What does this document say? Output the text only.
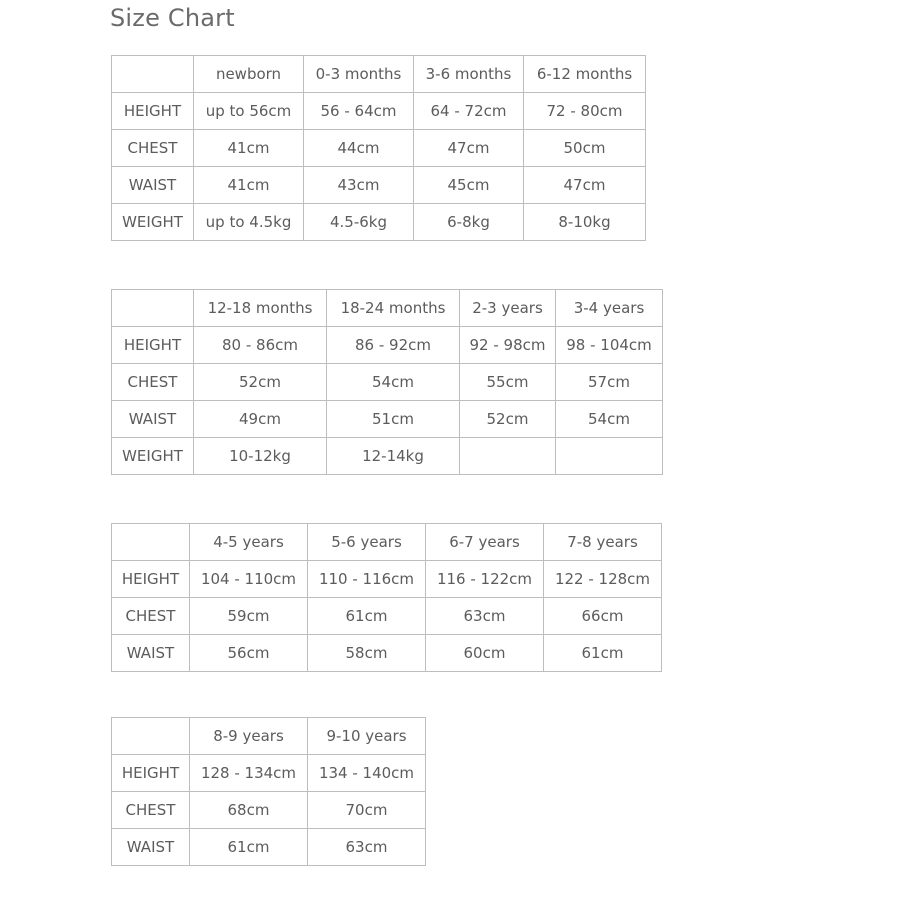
Size Chart
	newborn	0-3 months	3-6 months	6-12 months
HEIGHT	up to 56cm	56 - 64cm	64 - 72cm	72 - 80cm
CHEST	41cm	44cm	47cm	50cm
WAIST	41cm	43cm	45cm	47cm
WEIGHT	up to 4.5kg	4.5-6kg	6-8kg	8-10kg
	12-18 months	18-24 months	2-3 years	3-4 years
HEIGHT	80 - 86cm	86 - 92cm	92 - 98cm	98 - 104cm
CHEST	52cm	54cm	55cm	57cm
WAIST	49cm	51cm	52cm	54cm
WEIGHT	10-12kg	12-14kg		
	4-5 years	5-6 years	6-7 years	7-8 years
HEIGHT	104 - 110cm	110 - 116cm	116 - 122cm	122 - 128cm
CHEST	59cm	61cm	63cm	66cm
WAIST	56cm	58cm	60cm	61cm
	8-9 years	9-10 years
HEIGHT	128 - 134cm	134 - 140cm
CHEST	68cm	70cm
WAIST	61cm	63cm
